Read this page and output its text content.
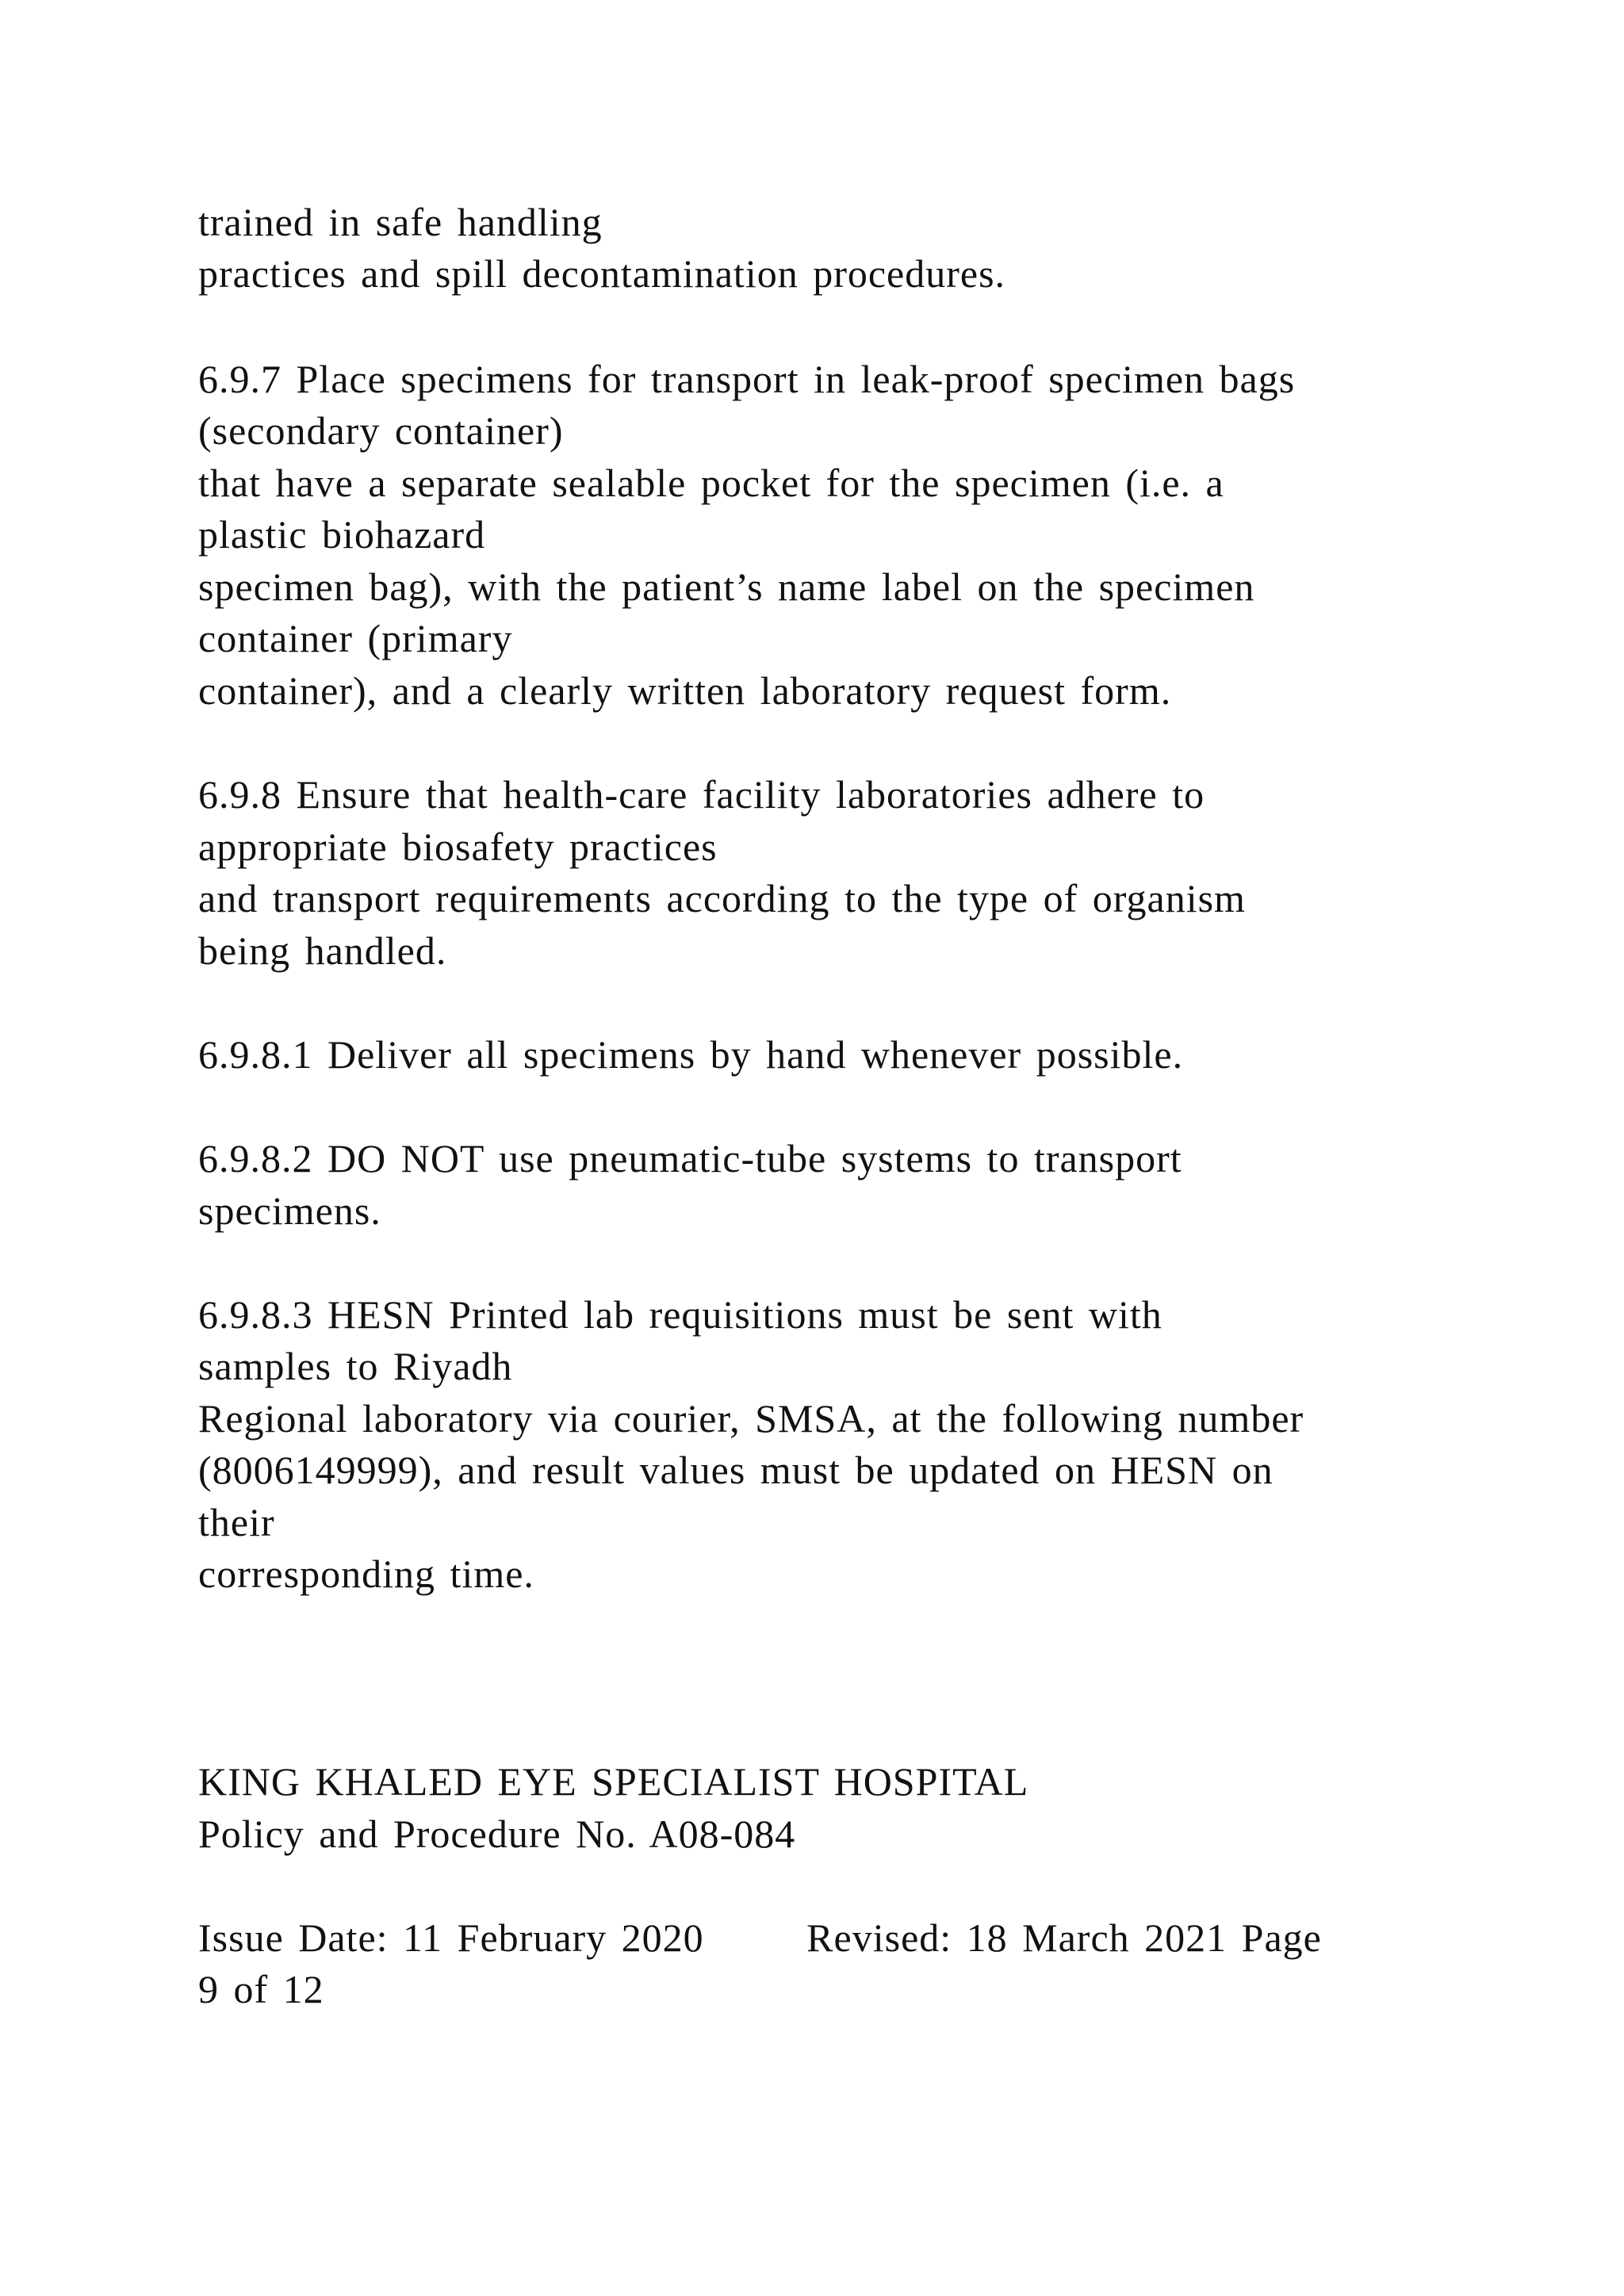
trained in safe handling

practices and spill decontamination procedures.

6.9.7 Place specimens for transport in leak-proof specimen bags

(secondary container)

that have a separate sealable pocket for the specimen (i.e. a

plastic biohazard

specimen bag), with the patient’s name label on the specimen

container (primary

container), and a clearly written laboratory request form.

6.9.8 Ensure that health-care facility laboratories adhere to

appropriate biosafety practices

and transport requirements according to the type of organism

being handled.

6.9.8.1 Deliver all specimens by hand whenever possible.

6.9.8.2 DO NOT use pneumatic-tube systems to transport

specimens.

6.9.8.3 HESN Printed lab requisitions must be sent with

samples to Riyadh

Regional laboratory via courier, SMSA, at the following number

(8006149999), and result values must be updated on HESN on

their

corresponding time.

KING KHALED EYE SPECIALIST HOSPITAL

Policy and Procedure No. A08-084

Issue Date: 11 February 2020       Revised: 18 March 2021 Page

9 of 12
